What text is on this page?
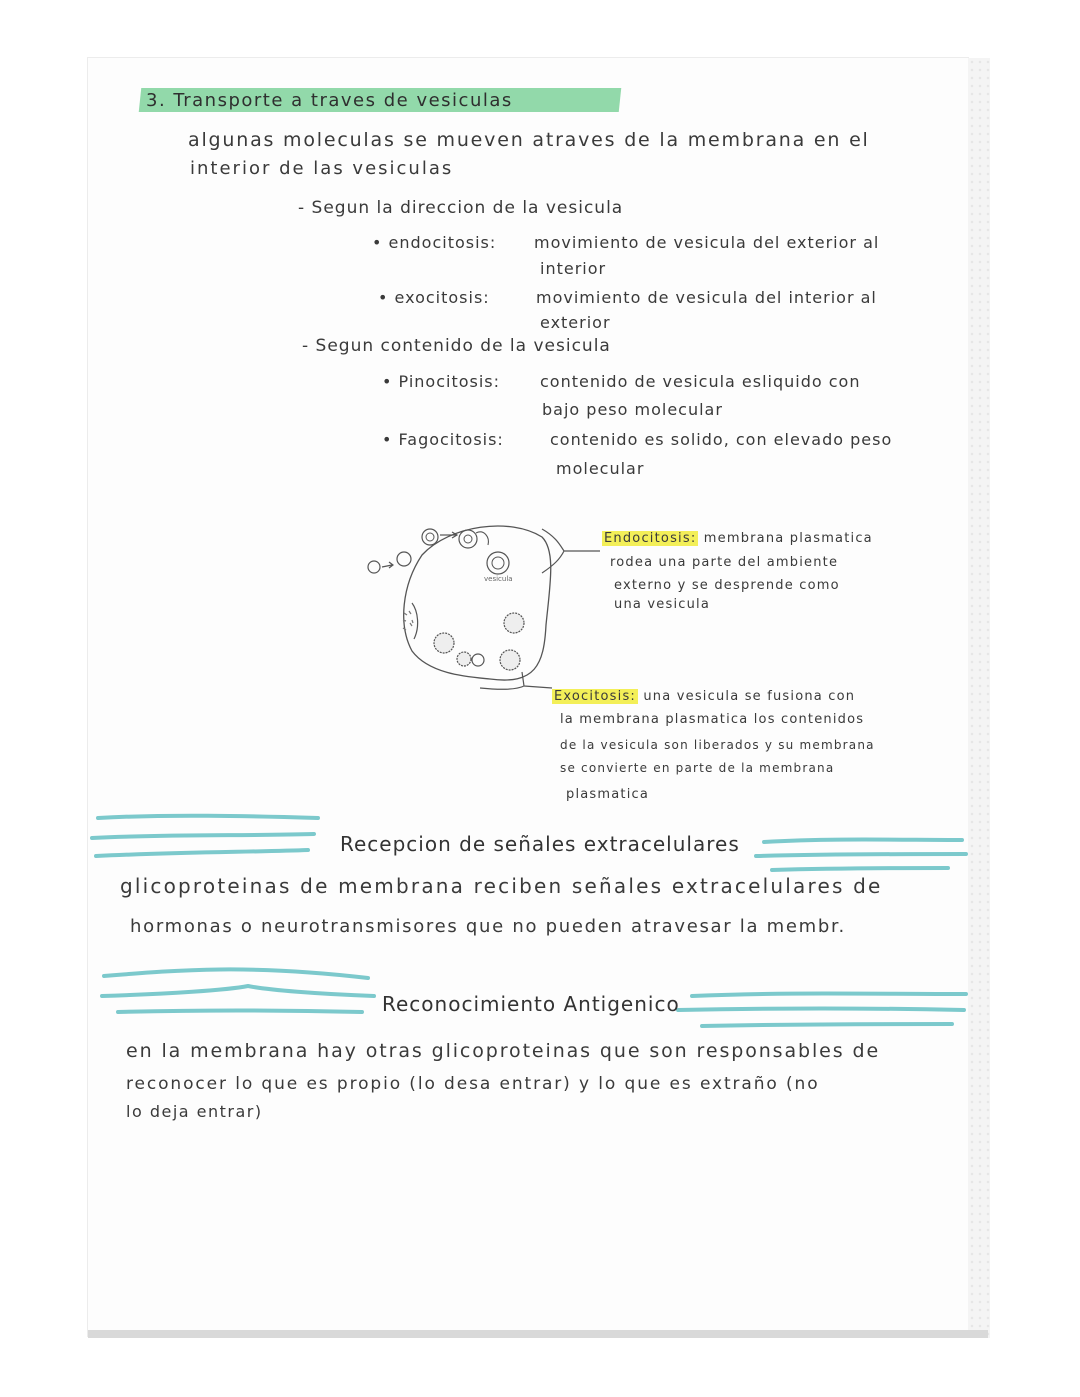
3. Transporte a traves de vesiculas
algunas moleculas se mueven atraves de la membrana en el
interior de las vesiculas
- Segun la direccion de la vesicula
• endocitosis: movimiento de vesicula del exterior al
interior
• exocitosis:	movimiento de vesicula del interior al
exterior
- Segun contenido de la vesicula
• Pinocitosis: contenido de vesicula esliquido con
bajo peso molecular
• Fagocitosis:	contenido es solido, con elevado peso
molecular
vesicula
Endocitosis: membrana plasmatica
rodea una parte del ambiente
externo y se desprende como
una vesicula
Exocitosis: una vesicula se fusiona con
la membrana plasmatica los contenidos
de la vesicula son liberados y su membrana
se convierte en parte de la membrana
plasmatica
Recepcion de señales extracelulares
glicoproteinas de membrana reciben señales extracelulares de
hormonas o neurotransmisores que no pueden atravesar la membr.
Reconocimiento Antigenico
en la membrana hay otras glicoproteinas que son responsables de
reconocer lo que es propio (lo desa entrar) y lo que es extraño (no
lo deja entrar)
